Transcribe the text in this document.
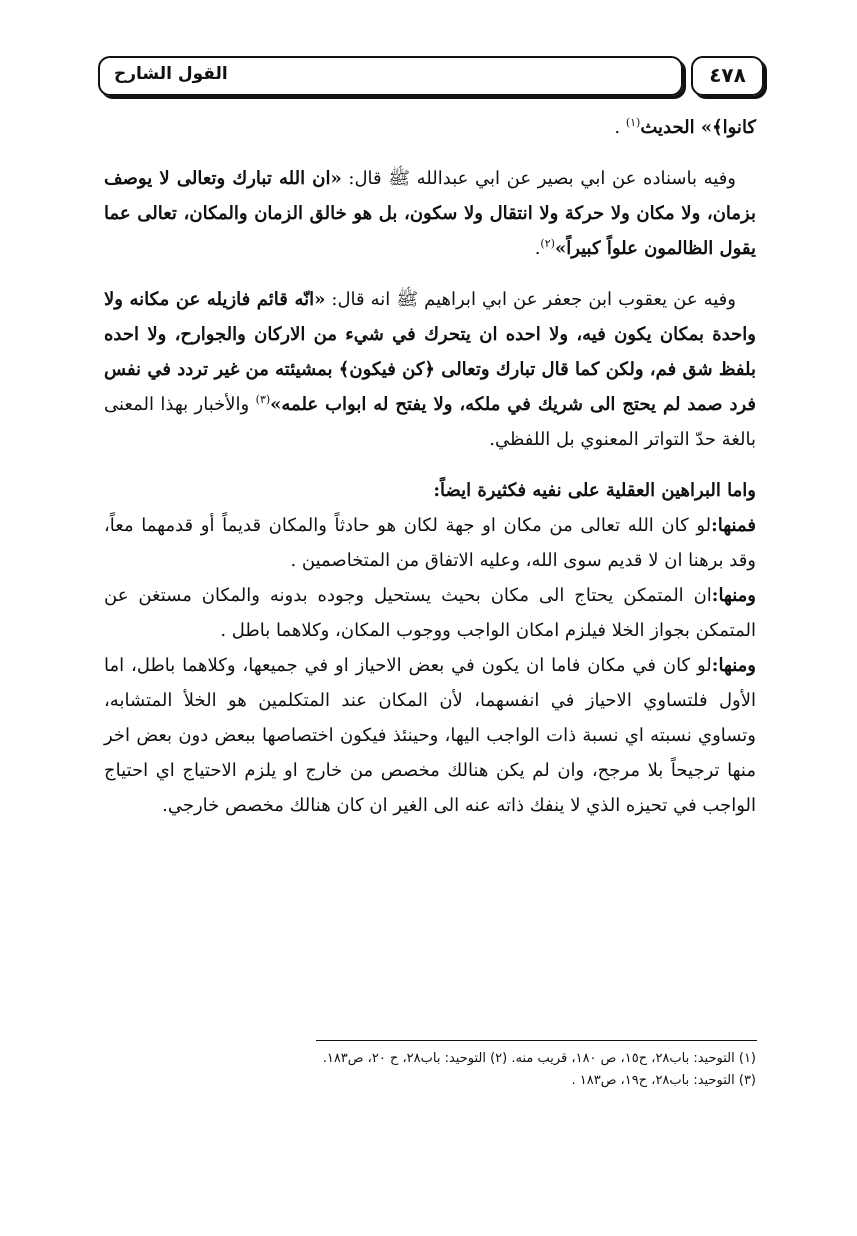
القول الشارح	٤٧٨

كانوا﴾» الحديث$^{(١)}$ .

وفيه باسناده عن ابي بصير عن ابي عبدالله ﷺ قال: «ان الله تبارك وتعالى لا يوصف بزمان، ولا مكان ولا حركة ولا انتقال ولا سكون، بل هو خالق الزمان والمكان، تعالى عما يقول الظالمون علواً كبيراً»$^{(٢)}$.

وفيه عن يعقوب ابن جعفر عن ابي ابراهيم ﷺ انه قال: «انّه قائم فازيله عن مكانه ولا واحدة بمكان يكون فيه، ولا احده ان يتحرك في شيء من الاركان والجوارح، ولا احده بلفظ شق فم، ولكن كما قال تبارك وتعالى ﴿كن فيكون﴾ بمشيئته من غير تردد في نفس فرد صمد لم يحتج الى شريك في ملكه، ولا يفتح له ابواب علمه»$^{(٣)}$ والأخبار بهذا المعنى بالغة حدّ التواتر المعنوي بل اللفظي.

واما البراهين العقلية على نفيه فكثيرة ايضاً:

فمنها:لو كان الله تعالى من مكان او جهة لكان هو حادثاً والمكان قديماً أو قدمهما معاً، وقد برهنا ان لا قديم سوى الله، وعليه الاتفاق من المتخاصمين .

ومنها:ان المتمكن يحتاج الى مكان بحيث يستحيل وجوده بدونه والمكان مستغن عن المتمكن بجواز الخلا فيلزم امكان الواجب ووجوب المكان، وكلاهما باطل .

ومنها:لو كان في مكان فاما ان يكون في بعض الاحياز او في جميعها، وكلاهما باطل، اما الأول فلتساوي الاحياز في انفسهما، لأن المكان عند المتكلمين هو الخلأ المتشابه، وتساوي نسبته اي نسبة ذات الواجب اليها، وحينئذ فيكون اختصاصها ببعض دون بعض اخر منها ترجيحاً بلا مرجح، وان لم يكن هنالك مخصص من خارج او يلزم الاحتياج اي احتياج الواجب في تحيزه الذي لا ينفك ذاته عنه الى الغير ان كان هنالك مخصص خارجي.

(١) التوحيد: باب٢٨، ح١٥، ص ١٨٠، قريب منه. (٢) التوحيد: باب٢٨، ح ٢٠، ص١٨٣.

(٣) التوحيد: باب٢٨، ح١٩، ص١٨٣ .
